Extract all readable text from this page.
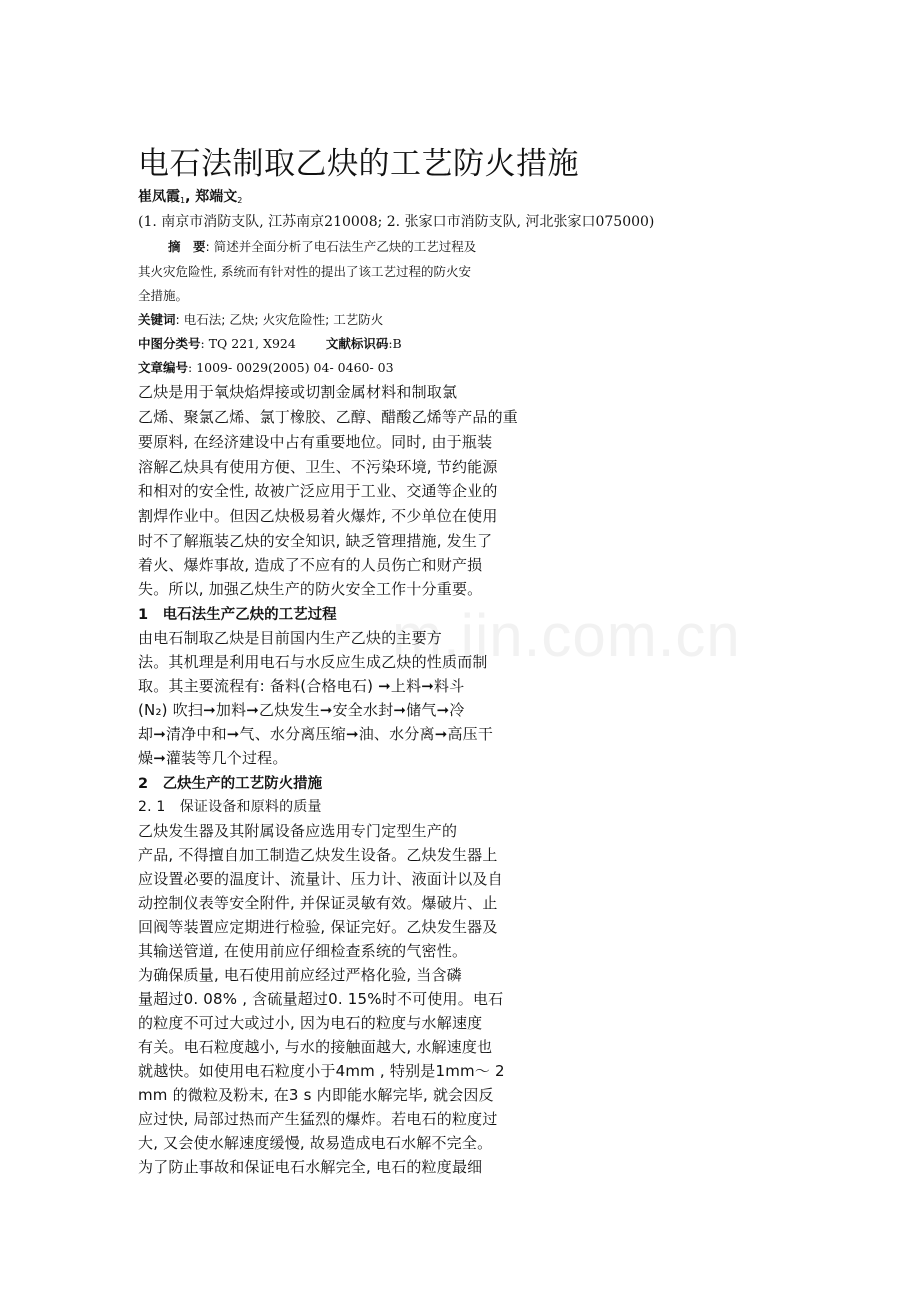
m.jin.com.cn
电石法制取乙炔的工艺防火措施
崔凤霞$_1$, 郑端文$_2$
(1. 南京市消防支队, 江苏南京210008; 2. 张家口市消防支队, 河北张家口075000)
摘　要: 简述并全面分析了电石法生产乙炔的工艺过程及
其火灾危险性, 系统而有针对性的提出了该工艺过程的防火安
全措施。
关键词: 电石法; 乙炔; 火灾危险性; 工艺防火
中图分类号: TQ 221, X924 文献标识码:B
文章编号: 1009- 0029(2005) 04- 0460- 03
乙炔是用于氧炔焰焊接或切割金属材料和制取氯
乙烯、聚氯乙烯、氯丁橡胶、乙醇、醋酸乙烯等产品的重
要原料, 在经济建设中占有重要地位。同时, 由于瓶装
溶解乙炔具有使用方便、卫生、不污染环境, 节约能源
和相对的安全性, 故被广泛应用于工业、交通等企业的
割焊作业中。但因乙炔极易着火爆炸, 不少单位在使用
时不了解瓶装乙炔的安全知识, 缺乏管理措施, 发生了
着火、爆炸事故, 造成了不应有的人员伤亡和财产损
失。所以, 加强乙炔生产的防火安全工作十分重要。
1　电石法生产乙炔的工艺过程
由电石制取乙炔是目前国内生产乙炔的主要方
法。其机理是利用电石与水反应生成乙炔的性质而制
取。其主要流程有: 备料(合格电石) ➞上料➞料斗
(N₂) 吹扫➞加料➞乙炔发生➞安全水封➞储气➞冷
却➞清净中和➞气、水分离压缩➞油、水分离➞高压干
燥➞灌装等几个过程。
2　乙炔生产的工艺防火措施
2. 1　保证设备和原料的质量
乙炔发生器及其附属设备应选用专门定型生产的
产品, 不得擅自加工制造乙炔发生设备。乙炔发生器上
应设置必要的温度计、流量计、压力计、液面计以及自
动控制仪表等安全附件, 并保证灵敏有效。爆破片、止
回阀等装置应定期进行检验, 保证完好。乙炔发生器及
其输送管道, 在使用前应仔细检查系统的气密性。
为确保质量, 电石使用前应经过严格化验, 当含磷
量超过0. 08% , 含硫量超过0. 15%时不可使用。电石
的粒度不可过大或过小, 因为电石的粒度与水解速度
有关。电石粒度越小, 与水的接触面越大, 水解速度也
就越快。如使用电石粒度小于4mm , 特别是1mm～ 2
mm 的微粒及粉末, 在3 s 内即能水解完毕, 就会因反
应过快, 局部过热而产生猛烈的爆炸。若电石的粒度过
大, 又会使水解速度缓慢, 故易造成电石水解不完全。
为了防止事故和保证电石水解完全, 电石的粒度最细
